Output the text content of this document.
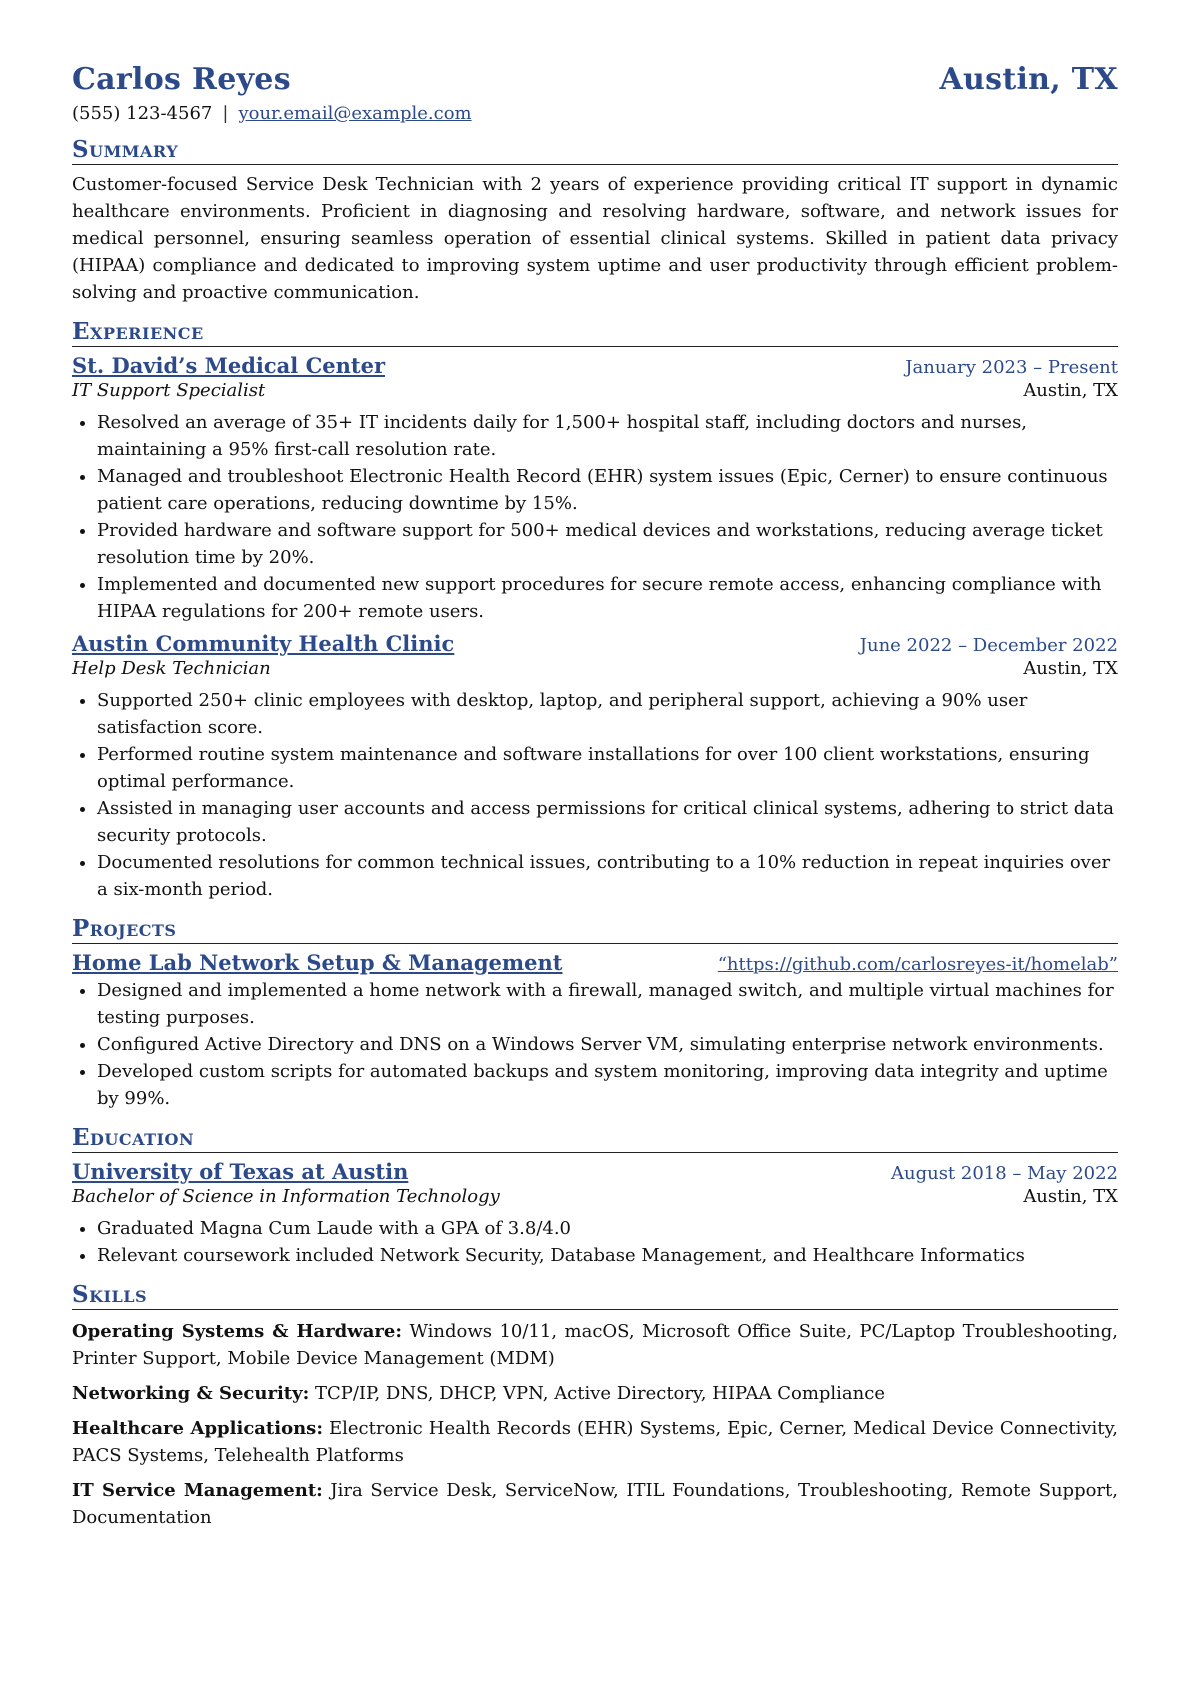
Carlos Reyes	Austin, TX
(555) 123-4567 | your.email@example.com
Summary
Customer-focused Service Desk Technician with 2 years of experience providing critical IT support in dynamic healthcare environments. Proficient in diagnosing and resolving hardware, software, and network issues for medical personnel, ensuring seamless operation of essential clinical systems. Skilled in patient data privacy (HIPAA) compliance and dedicated to improving system uptime and user productivity through efficient problem-solving and proactive communication.
Experience
St. David’s Medical Center	January 2023 – Present
IT Support Specialist	Austin, TX
• Resolved an average of 35+ IT incidents daily for 1,500+ hospital staff, including doctors and nurses, maintaining a 95% first-call resolution rate.
• Managed and troubleshoot Electronic Health Record (EHR) system issues (Epic, Cerner) to ensure continuous patient care operations, reducing downtime by 15%.
• Provided hardware and software support for 500+ medical devices and workstations, reducing average ticket resolution time by 20%.
• Implemented and documented new support procedures for secure remote access, enhancing compliance with HIPAA regulations for 200+ remote users.
Austin Community Health Clinic	June 2022 – December 2022
Help Desk Technician	Austin, TX
• Supported 250+ clinic employees with desktop, laptop, and peripheral support, achieving a 90% user satisfaction score.
• Performed routine system maintenance and software installations for over 100 client workstations, ensuring optimal performance.
• Assisted in managing user accounts and access permissions for critical clinical systems, adhering to strict data security protocols.
• Documented resolutions for common technical issues, contributing to a 10% reduction in repeat inquiries over a six-month period.
Projects
Home Lab Network Setup & Management	“https://github.com/carlosreyes-it/homelab”
• Designed and implemented a home network with a firewall, managed switch, and multiple virtual machines for testing purposes.
• Configured Active Directory and DNS on a Windows Server VM, simulating enterprise network environments.
• Developed custom scripts for automated backups and system monitoring, improving data integrity and uptime by 99%.
Education
University of Texas at Austin	August 2018 – May 2022
Bachelor of Science in Information Technology	Austin, TX
• Graduated Magna Cum Laude with a GPA of 3.8/4.0
• Relevant coursework included Network Security, Database Management, and Healthcare Informatics
Skills
Operating Systems & Hardware: Windows 10/11, macOS, Microsoft Office Suite, PC/Laptop Troubleshooting, Printer Support, Mobile Device Management (MDM)
Networking & Security: TCP/IP, DNS, DHCP, VPN, Active Directory, HIPAA Compliance
Healthcare Applications: Electronic Health Records (EHR) Systems, Epic, Cerner, Medical Device Connectivity, PACS Systems, Telehealth Platforms
IT Service Management: Jira Service Desk, ServiceNow, ITIL Foundations, Troubleshooting, Remote Support, Documentation
